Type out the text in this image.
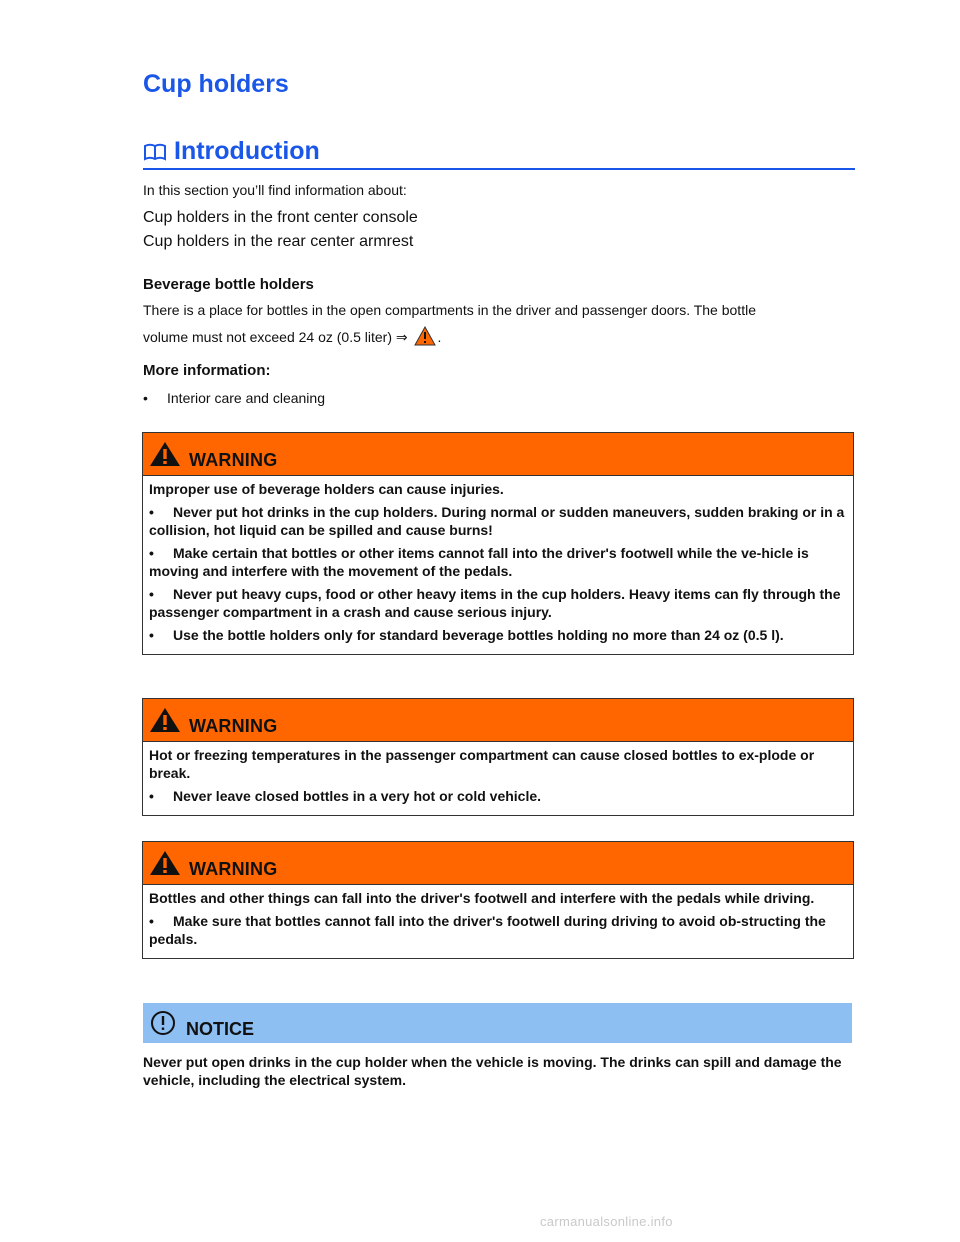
Cup holders
Introduction

In this section you’ll find information about:

Cup holders in the front center console

Cup holders in the rear center armrest

Beverage bottle holders

There is a place for bottles in the open compartments in the driver and passenger doors. The bottle
volume must not exceed 24 oz (0.5 liter) ⇒ .

More information:

• Interior care and cleaning

WARNING

Improper use of beverage holders can cause injuries.

• Never put hot drinks in the cup holders. During normal or sudden maneuvers, sudden braking or in a collision, hot liquid can be spilled and cause burns!

• Make certain that bottles or other items cannot fall into the driver's footwell while the ve-hicle is moving and interfere with the movement of the pedals.

• Never put heavy cups, food or other heavy items in the cup holders. Heavy items can fly through the passenger compartment in a crash and cause serious injury.

• Use the bottle holders only for standard beverage bottles holding no more than 24 oz (0.5 l).

WARNING

Hot or freezing temperatures in the passenger compartment can cause closed bottles to ex-plode or break.

• Never leave closed bottles in a very hot or cold vehicle.

WARNING

Bottles and other things can fall into the driver's footwell and interfere with the pedals while driving.

• Make sure that bottles cannot fall into the driver's footwell during driving to avoid ob-structing the pedals.

NOTICE

Never put open drinks in the cup holder when the vehicle is moving. The drinks can spill and damage the vehicle, including the electrical system.

carmanualsonline.info
